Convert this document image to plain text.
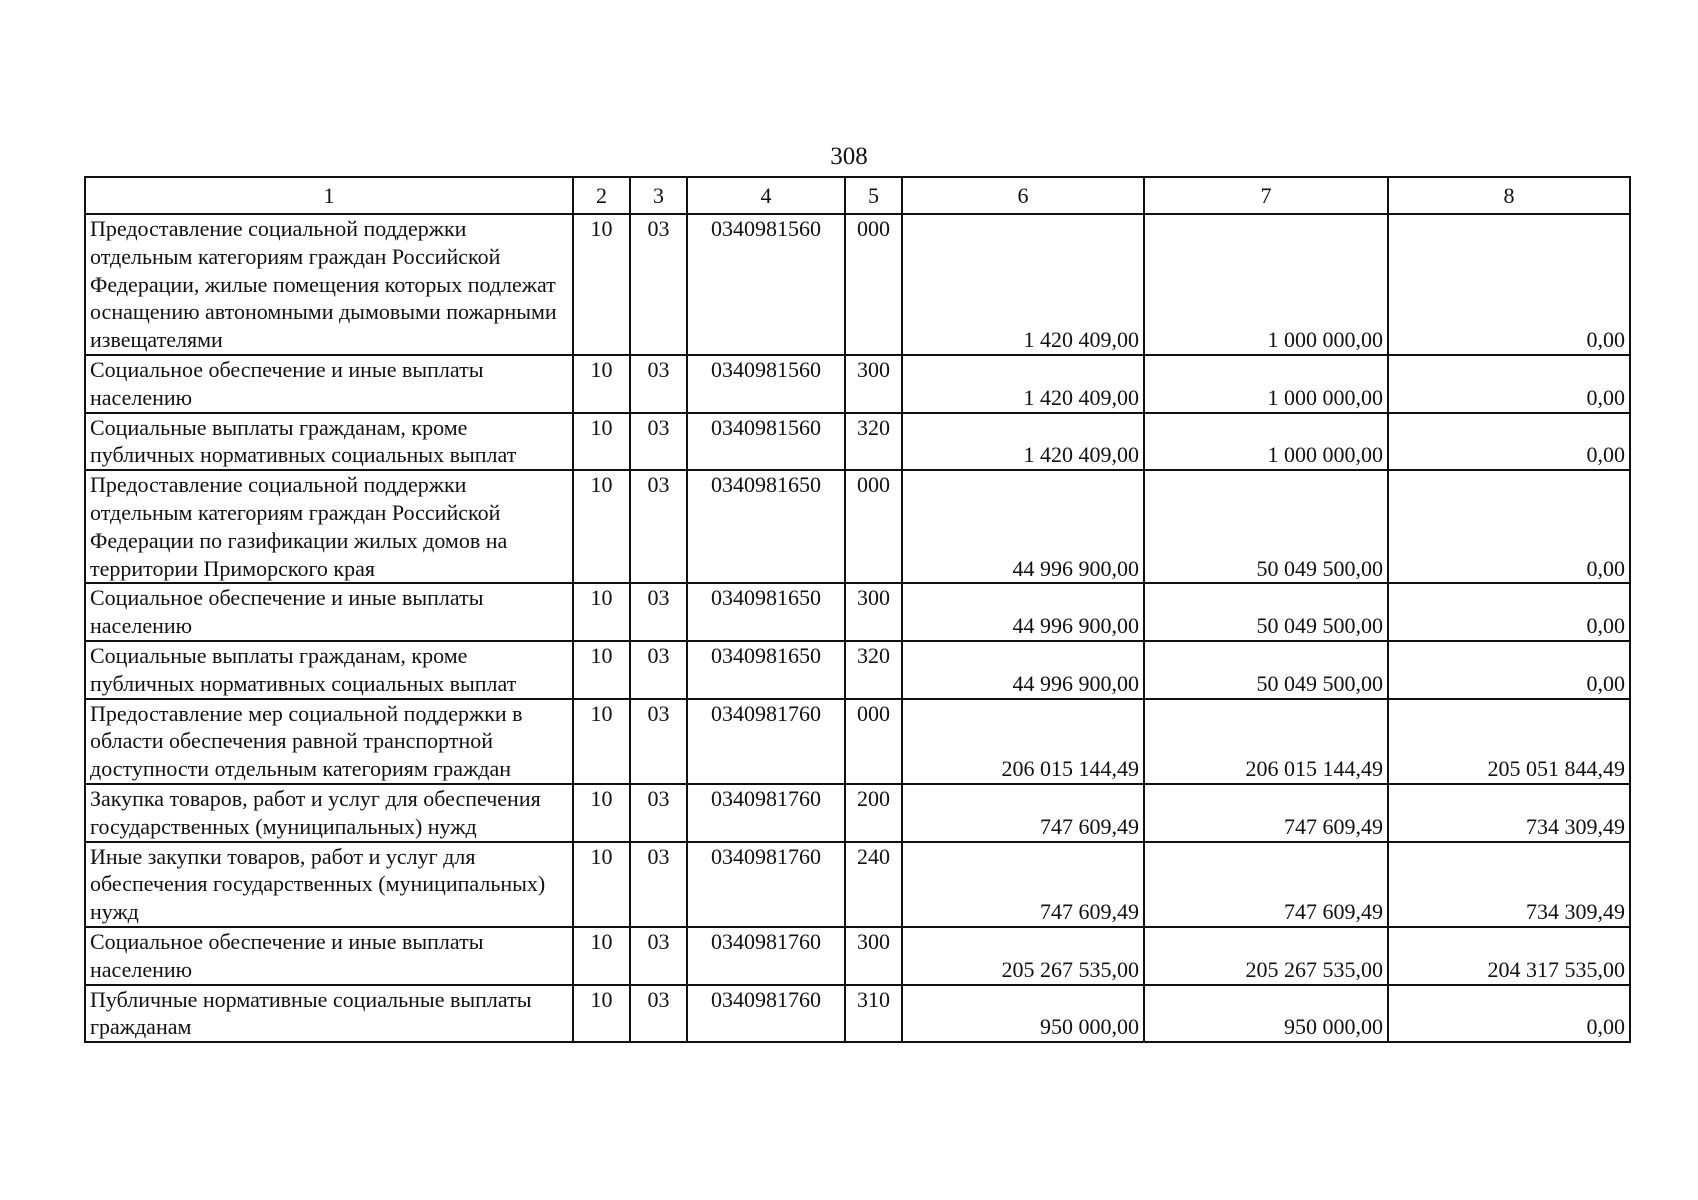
308
1	2	3	4	5	6	7	8
Предоставление социальной поддержки отдельным категориям граждан Российской Федерации, жилые помещения которых подлежат оснащению автономными дымовыми пожарными извещателями	10	03	0340981560	000	1 420 409,00	1 000 000,00	0,00
Социальное обеспечение и иные выплаты населению	10	03	0340981560	300	1 420 409,00	1 000 000,00	0,00
Социальные выплаты гражданам, кроме публичных нормативных социальных выплат	10	03	0340981560	320	1 420 409,00	1 000 000,00	0,00
Предоставление социальной поддержки отдельным категориям граждан Российской Федерации по газификации жилых домов на территории Приморского края	10	03	0340981650	000	44 996 900,00	50 049 500,00	0,00
Социальное обеспечение и иные выплаты населению	10	03	0340981650	300	44 996 900,00	50 049 500,00	0,00
Социальные выплаты гражданам, кроме публичных нормативных социальных выплат	10	03	0340981650	320	44 996 900,00	50 049 500,00	0,00
Предоставление мер социальной поддержки в области обеспечения равной транспортной доступности отдельным категориям граждан	10	03	0340981760	000	206 015 144,49	206 015 144,49	205 051 844,49
Закупка товаров, работ и услуг для обеспечения государственных (муниципальных) нужд	10	03	0340981760	200	747 609,49	747 609,49	734 309,49
Иные закупки товаров, работ и услуг для обеспечения государственных (муниципальных) нужд	10	03	0340981760	240	747 609,49	747 609,49	734 309,49
Социальное обеспечение и иные выплаты населению	10	03	0340981760	300	205 267 535,00	205 267 535,00	204 317 535,00
Публичные нормативные социальные выплаты гражданам	10	03	0340981760	310	950 000,00	950 000,00	0,00
